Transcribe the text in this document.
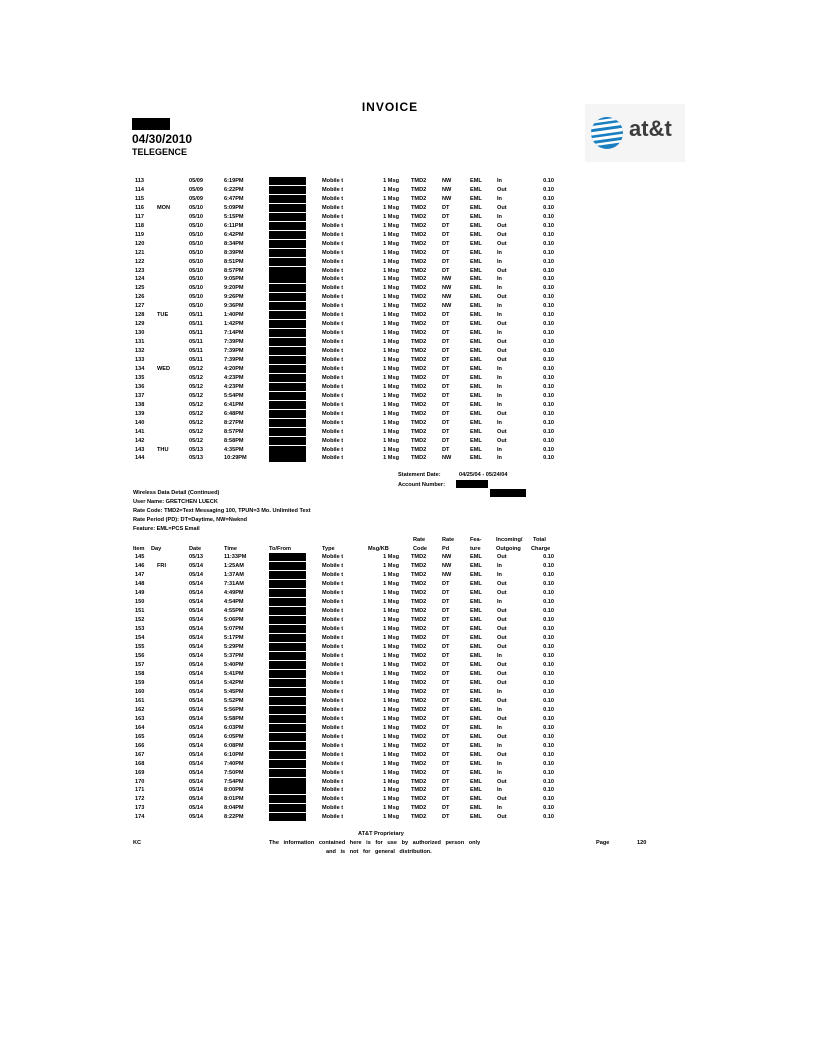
INVOICE
04/30/2010
TELEGENCE
at&t
113	05/09	6:19PM	Mobile t	1 Msg TMD2	NW	EML	In	0.10
114	05/09	6:22PM	Mobile t	1 Msg TMD2	NW	EML	Out	0.10
115	05/09	6:47PM	Mobile t	1 Msg TMD2	NW	EML	In	0.10
116 MON	05/10	5:09PM	Mobile t	1 Msg TMD2	DT	EML	Out	0.10
117	05/10	5:15PM	Mobile t	1 Msg TMD2	DT	EML	In	0.10
118	05/10	6:11PM	Mobile t	1 Msg TMD2	DT	EML	Out	0.10
119	05/10	6:42PM	Mobile t	1 Msg TMD2	DT	EML	Out	0.10
120	05/10	8:34PM	Mobile t	1 Msg TMD2	DT	EML	Out	0.10
121	05/10	8:39PM	Mobile t	1 Msg TMD2	DT	EML	In	0.10
122	05/10	8:51PM	Mobile t	1 Msg TMD2	DT	EML	In	0.10
123	05/10	8:57PM	Mobile t	1 Msg TMD2	DT	EML	Out	0.10
124	05/10	9:05PM	Mobile t	1 Msg TMD2	NW	EML	In	0.10
125	05/10	9:20PM	Mobile t	1 Msg TMD2	NW	EML	In	0.10
126	05/10	9:26PM	Mobile t	1 Msg TMD2	NW	EML	Out	0.10
127	05/10	9:36PM	Mobile t	1 Msg TMD2	NW	EML	In	0.10
128 TUE	05/11	1:40PM	Mobile t	1 Msg TMD2	DT	EML	In	0.10
129	05/11	1:42PM	Mobile t	1 Msg TMD2	DT	EML	Out	0.10
130	05/11	7:14PM	Mobile t	1 Msg TMD2	DT	EML	In	0.10
131	05/11	7:39PM	Mobile t	1 Msg TMD2	DT	EML	Out	0.10
132	05/11	7:39PM	Mobile t	1 Msg TMD2	DT	EML	Out	0.10
133	05/11	7:39PM	Mobile t	1 Msg TMD2	DT	EML	Out	0.10
134 WED	05/12	4:20PM	Mobile t	1 Msg TMD2	DT	EML	In	0.10
135	05/12	4:23PM	Mobile t	1 Msg TMD2	DT	EML	In	0.10
136	05/12	4:23PM	Mobile t	1 Msg TMD2	DT	EML	In	0.10
137	05/12	5:54PM	Mobile t	1 Msg TMD2	DT	EML	In	0.10
138	05/12	6:41PM	Mobile t	1 Msg TMD2	DT	EML	In	0.10
139	05/12	6:48PM	Mobile t	1 Msg TMD2	DT	EML	Out	0.10
140	05/12	8:27PM	Mobile t	1 Msg TMD2	DT	EML	In	0.10
141	05/12	8:57PM	Mobile t	1 Msg TMD2	DT	EML	Out	0.10
142	05/12	8:58PM	Mobile t	1 Msg TMD2	DT	EML	Out	0.10
143 THU	05/13	4:35PM	Mobile t	1 Msg TMD2	DT	EML	In	0.10
144	05/13	10:29PM	Mobile t	1 Msg TMD2	NW	EML	In	0.10
Statement Date:	04/25/04 - 05/24/04
Account Number:
Wireless Data Detail (Continued)
User Name: GRETCHEN LUECK
Rate Code: TMD2=Text Messaging 100, TPUN=3 Mo. Unlimited Text
Rate Period (PD): DT=Daytime, NW=Nwknd
Feature: EML=PCS Email
Rate	Rate	Fea-	Incoming/ Total
Item Day	Date	Time	To/From	Type	Msg/KB	Code	Pd	ture	Outgoing Charge
145	05/13	11:33PM	Mobile t	1 Msg TMD2	NW	EML	Out	0.10
146 FRI	05/14	1:25AM	Mobile t	1 Msg TMD2	NW	EML	In	0.10
147	05/14	1:37AM	Mobile t	1 Msg TMD2	NW	EML	In	0.10
148	05/14	7:31AM	Mobile t	1 Msg TMD2	DT	EML	Out	0.10
149	05/14	4:49PM	Mobile t	1 Msg TMD2	DT	EML	Out	0.10
150	05/14	4:54PM	Mobile t	1 Msg TMD2	DT	EML	In	0.10
151	05/14	4:55PM	Mobile t	1 Msg TMD2	DT	EML	Out	0.10
152	05/14	5:06PM	Mobile t	1 Msg TMD2	DT	EML	Out	0.10
153	05/14	5:07PM	Mobile t	1 Msg TMD2	DT	EML	Out	0.10
154	05/14	5:17PM	Mobile t	1 Msg TMD2	DT	EML	Out	0.10
155	05/14	5:29PM	Mobile t	1 Msg TMD2	DT	EML	Out	0.10
156	05/14	5:37PM	Mobile t	1 Msg TMD2	DT	EML	In	0.10
157	05/14	5:40PM	Mobile t	1 Msg TMD2	DT	EML	Out	0.10
158	05/14	5:41PM	Mobile t	1 Msg TMD2	DT	EML	Out	0.10
159	05/14	5:42PM	Mobile t	1 Msg TMD2	DT	EML	Out	0.10
160	05/14	5:45PM	Mobile t	1 Msg TMD2	DT	EML	In	0.10
161	05/14	5:52PM	Mobile t	1 Msg TMD2	DT	EML	Out	0.10
162	05/14	5:56PM	Mobile t	1 Msg TMD2	DT	EML	In	0.10
163	05/14	5:58PM	Mobile t	1 Msg TMD2	DT	EML	Out	0.10
164	05/14	6:03PM	Mobile t	1 Msg TMD2	DT	EML	In	0.10
165	05/14	6:05PM	Mobile t	1 Msg TMD2	DT	EML	Out	0.10
166	05/14	6:08PM	Mobile t	1 Msg TMD2	DT	EML	In	0.10
167	05/14	6:10PM	Mobile t	1 Msg TMD2	DT	EML	Out	0.10
168	05/14	7:40PM	Mobile t	1 Msg TMD2	DT	EML	In	0.10
169	05/14	7:50PM	Mobile t	1 Msg TMD2	DT	EML	In	0.10
170	05/14	7:54PM	Mobile t	1 Msg TMD2	DT	EML	Out	0.10
171	05/14	8:00PM	Mobile t	1 Msg TMD2	DT	EML	In	0.10
172	05/14	8:01PM	Mobile t	1 Msg TMD2	DT	EML	Out	0.10
173	05/14	8:04PM	Mobile t	1 Msg TMD2	DT	EML	In	0.10
174	05/14	8:22PM	Mobile t	1 Msg TMD2	DT	EML	Out	0.10
AT&T Proprietary
KC	The information contained here is for use by authorized person only
and is not for general distribution.
Page	120
